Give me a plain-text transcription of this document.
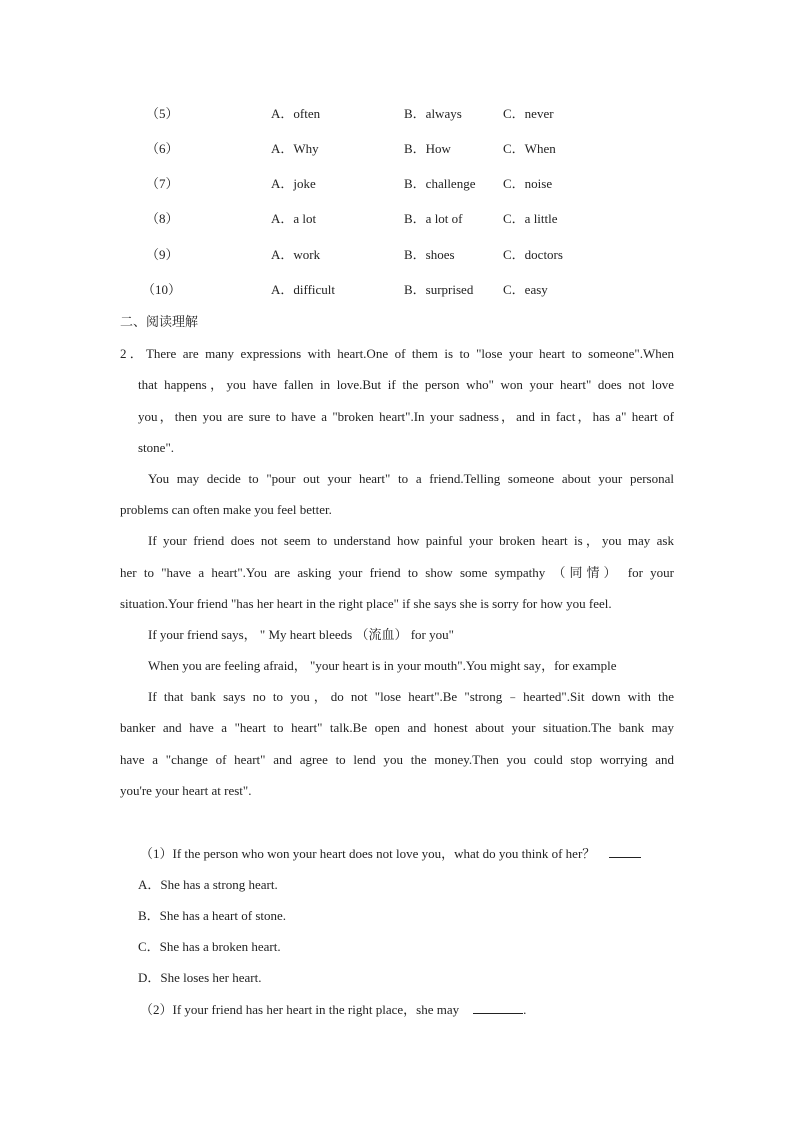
（5）	A．often	B．always	C．never
（6）	A．Why	B．How	C．When
（7）	A．joke	B．challenge C．noise
（8）	A．a lot	B．a lot of	C．a little
（9）	A．work	B．shoes	C．doctors
（10）	A．difficult	B．surprised C．easy
二、阅读理解
2．There are many expressions with heart.One of them is to "lose your heart to someone".When
that happens，you have fallen in love.But if the person who" won your heart" does not love
you，then you are sure to have a "broken heart".In your sadness，and in fact，has a" heart of
stone".
You may decide to "pour out your heart" to a friend.Telling someone about your personal
problems can often make you feel better.
If your friend does not seem to understand how painful your broken heart is，you may ask
her to "have a heart".You are asking your friend to show some sympathy （同情） for your
situation.Your friend "has her heart in the right place" if she says she is sorry for how you feel.
If your friend says， " My heart bleeds （流血） for you"
When you are feeling afraid， "your heart is in your mouth".You might say，for example
If that bank says no to you，do not "lose heart".Be "strong﹣hearted".Sit down with the
banker and have a "heart to heart" talk.Be open and honest about your situation.The bank may
have a "change of heart" and agree to lend you the money.Then you could stop worrying and
you're your heart at rest".
（1）If the person who won your heart does not love you，what do you think of her？
A．She has a strong heart.
B．She has a heart of stone.
C．She has a broken heart.
D．She loses her heart.
（2）If your friend has her heart in the right place，she may	.
